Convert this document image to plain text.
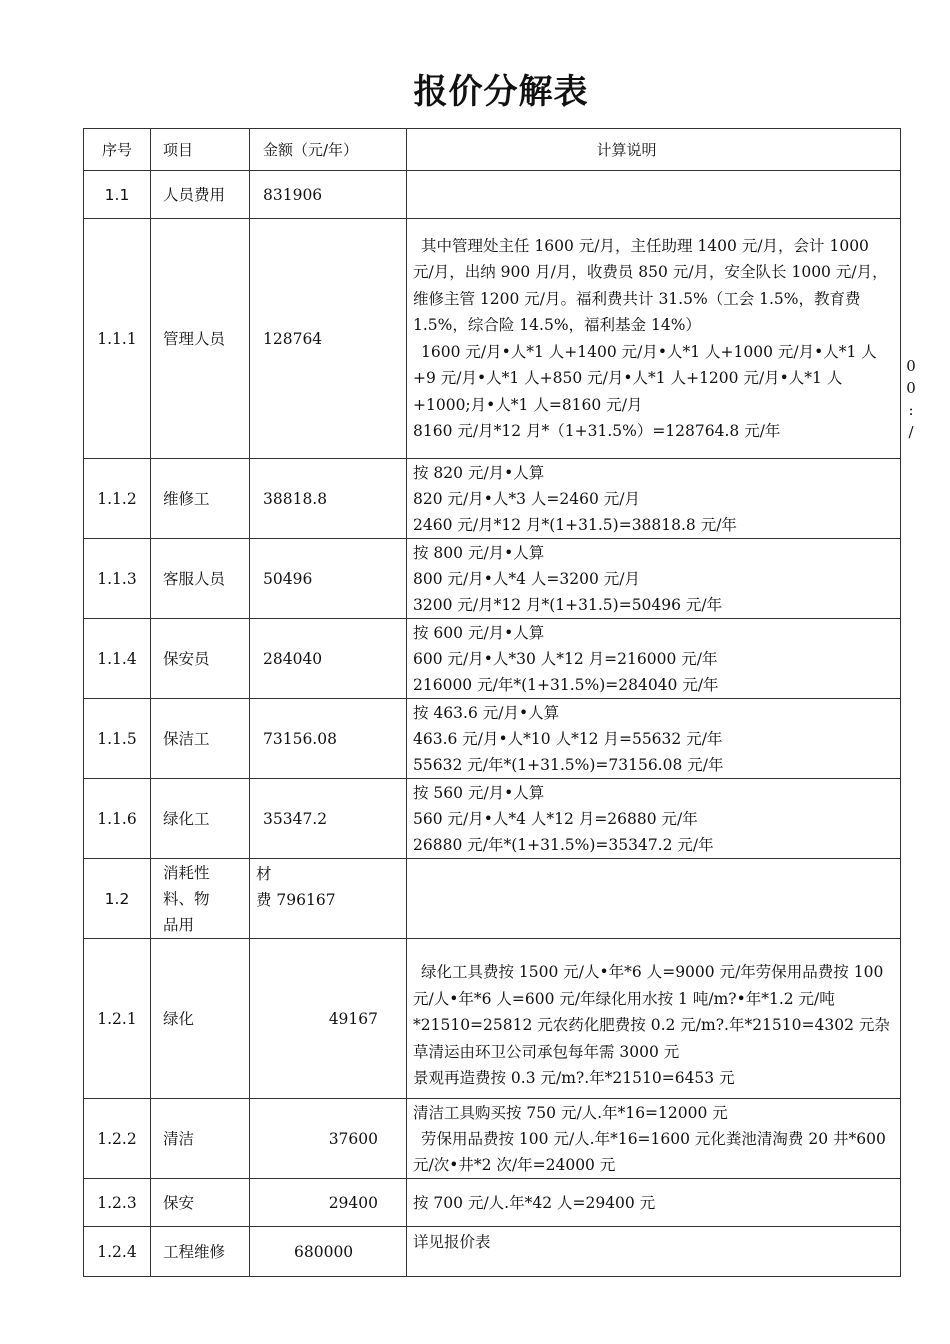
报价分解表
序号	项目	金额（元/年）	计算说明
1.1	人员费用	831906	
1.1.1	管理人员	128764	其中管理处主任 1600 元/月，主任助理 1400 元/月，会计 1000 元/月，出纳 900 月/月，收费员 850 元/月，安全队长 1000 元/月，维修主管 1200 元/月。福利费共计 31.5%（工会 1.5%，教育费 1.5%，综合险 14.5%，福利基金 14%）
1600 元/月•人*1 人+1400 元/月•人*1 人+1000 元/月•人*1 人+9 元/月•人*1 人+850 元/月•人*1 人+1200 元/月•人*1 人+1000;月•人*1 人=8160 元/月
8160 元/月*12 月*（1+31.5%）=128764.8 元/年

1.1.2	维修工	38818.8	按 820 元/月•人算
820 元/月•人*3 人=2460 元/月
2460 元/月*12 月*(1+31.5)=38818.8 元/年

1.1.3	客服人员	50496	按 800 元/月•人算
800 元/月•人*4 人=3200 元/月
3200 元/月*12 月*(1+31.5)=50496 元/年

1.1.4	保安员	284040	按 600 元/月•人算
600 元/月•人*30 人*12 月=216000 元/年
216000 元/年*(1+31.5%)=284040 元/年

1.1.5	保洁工	73156.08	按 463.6 元/月•人算
463.6 元/月•人*10 人*12 月=55632 元/年
55632 元/年*(1+31.5%)=73156.08 元/年

1.1.6	绿化工	35347.2	按 560 元/月•人算
560 元/月•人*4 人*12 月=26880 元/年
26880 元/年*(1+31.5%)=35347.2 元/年

1.2	消耗性
料、物
品用	材
费 796167	

1.2.1	绿化	49167	绿化工具费按 1500 元/人•年*6 人=9000 元/年劳保用品费按 100 元/人•年*6 人=600 元/年绿化用水按 1 吨/m?•年*1.2 元/吨*21510=25812 元农药化肥费按 0.2 元/m?.年*21510=4302 元杂草清运由环卫公司承包每年需 3000 元
景观再造费按 0.3 元/m?.年*21510=6453 元

1.2.2	清洁	37600	清洁工具购买按 750 元/人.年*16=12000 元
劳保用品费按 100 元/人.年*16=1600 元化粪池清淘费 20 井*600 元/次•井*2 次/年=24000 元

1.2.3	保安	29400	按 700 元/人.年*42 人=29400 元

1.2.4	工程维修	680000	详见报价表
0
0
:
/
